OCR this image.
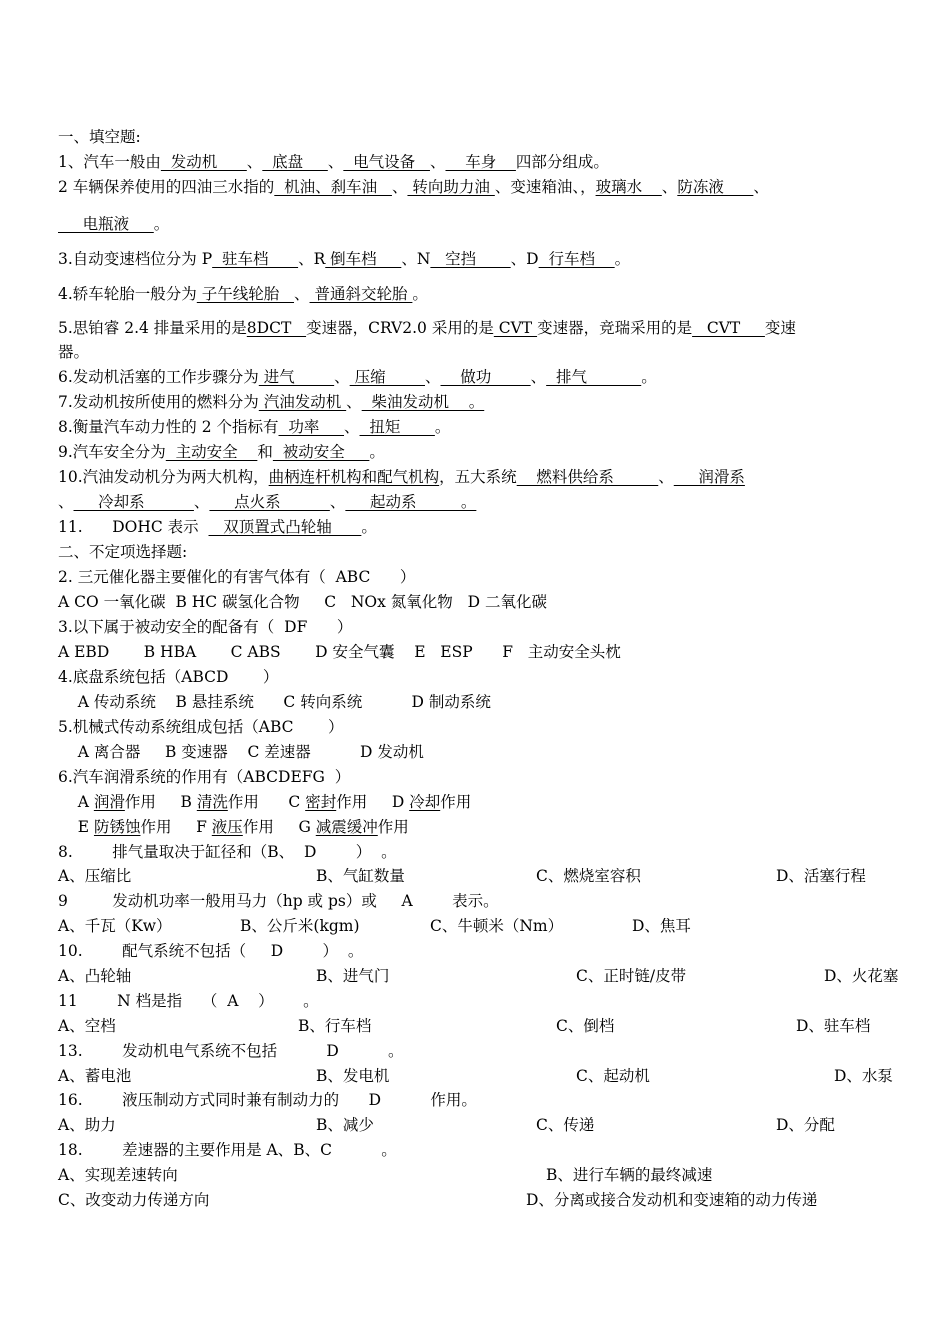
一、填空题:
1、汽车一般由  发动机      、  底盘     、  电气设备   、    车身    四部分组成。
2 车辆保养使用的四油三水指的  机油、刹车油   、 转向助力油 、变速箱油、，玻璃水    、防冻液      、
电瓶液     。
3.自动变速档位分为 P  驻车档      、R 倒车档     、N   空挡       、D  行车档    。
4.轿车轮胎一般分为 子午线轮胎   、 普通斜交轮胎 。
5.思铂睿 2.4 排量采用的是8DCT   变速器，CRV2.0 采用的是 CVT 变速器，竞瑞采用的是   CVT     变速
器。
6.发动机活塞的工作步骤分为 进气        、 压缩        、    做功        、  排气           。
7.发动机按所使用的燃料分为 汽油发动机 、  柴油发动机    。
8.衡量汽车动力性的 2 个指标有  功率     、  扭矩       。
9.汽车安全分为  主动安全    和  被动安全     。
10.汽油发动机分为两大机构，曲柄连杆机构和配气机构，五大系统    燃料供给系         、     润滑系
、     冷却系          、     点火系          、     起动系         。
11.      DOHC 表示     双顶置式凸轮轴      。
二、不定项选择题:
2. 三元催化器主要催化的有害气体有（  ABC      ）
A CO 一氧化碳  B HC 碳氢化合物     C   NOx 氮氧化物   D 二氧化碳
3.以下属于被动安全的配备有（  DF      ）
A EBD       B HBA       C ABS       D 安全气囊    E   ESP      F   主动安全头枕
4.底盘系统包括（ABCD       ）
A 传动系统    B 悬挂系统      C 转向系统          D 制动系统
5.机械式传动系统组成包括（ABC       ）
A 离合器     B 变速器    C 差速器          D 发动机
6.汽车润滑系统的作用有（ABCDEFG  ）
A 润滑作用     B 清洗作用      C 密封作用     D 冷却作用
E 防锈蚀作用     F 液压作用     G 减震缓冲作用
8.        排气量取决于缸径和（B、  D        ）  。
A、压缩比	B、气缸数量	C、燃烧室容积	D、活塞行程
9         发动机功率一般用马力（hp 或 ps）或     A        表示。
A、千瓦（Kw）	B、公斤米(kgm)	C、牛顿米（Nm）	D、焦耳
10.        配气系统不包括（     D        ）  。
A、凸轮轴	B、进气门	C、正时链/皮带	D、火花塞
11        N 档是指    （  A    ）      。
A、空档	B、行车档	C、倒档	D、驻车档
13.        发动机电气系统不包括          D          。
A、蓄电池	B、发电机	C、起动机	D、水泵
16.        液压制动方式同时兼有制动力的      D          作用。
A、助力	B、减少	C、传递	D、分配
18.        差速器的主要作用是 A、B、C          。
A、实现差速转向	B、进行车辆的最终减速
C、改变动力传递方向	D、分离或接合发动机和变速箱的动力传递
